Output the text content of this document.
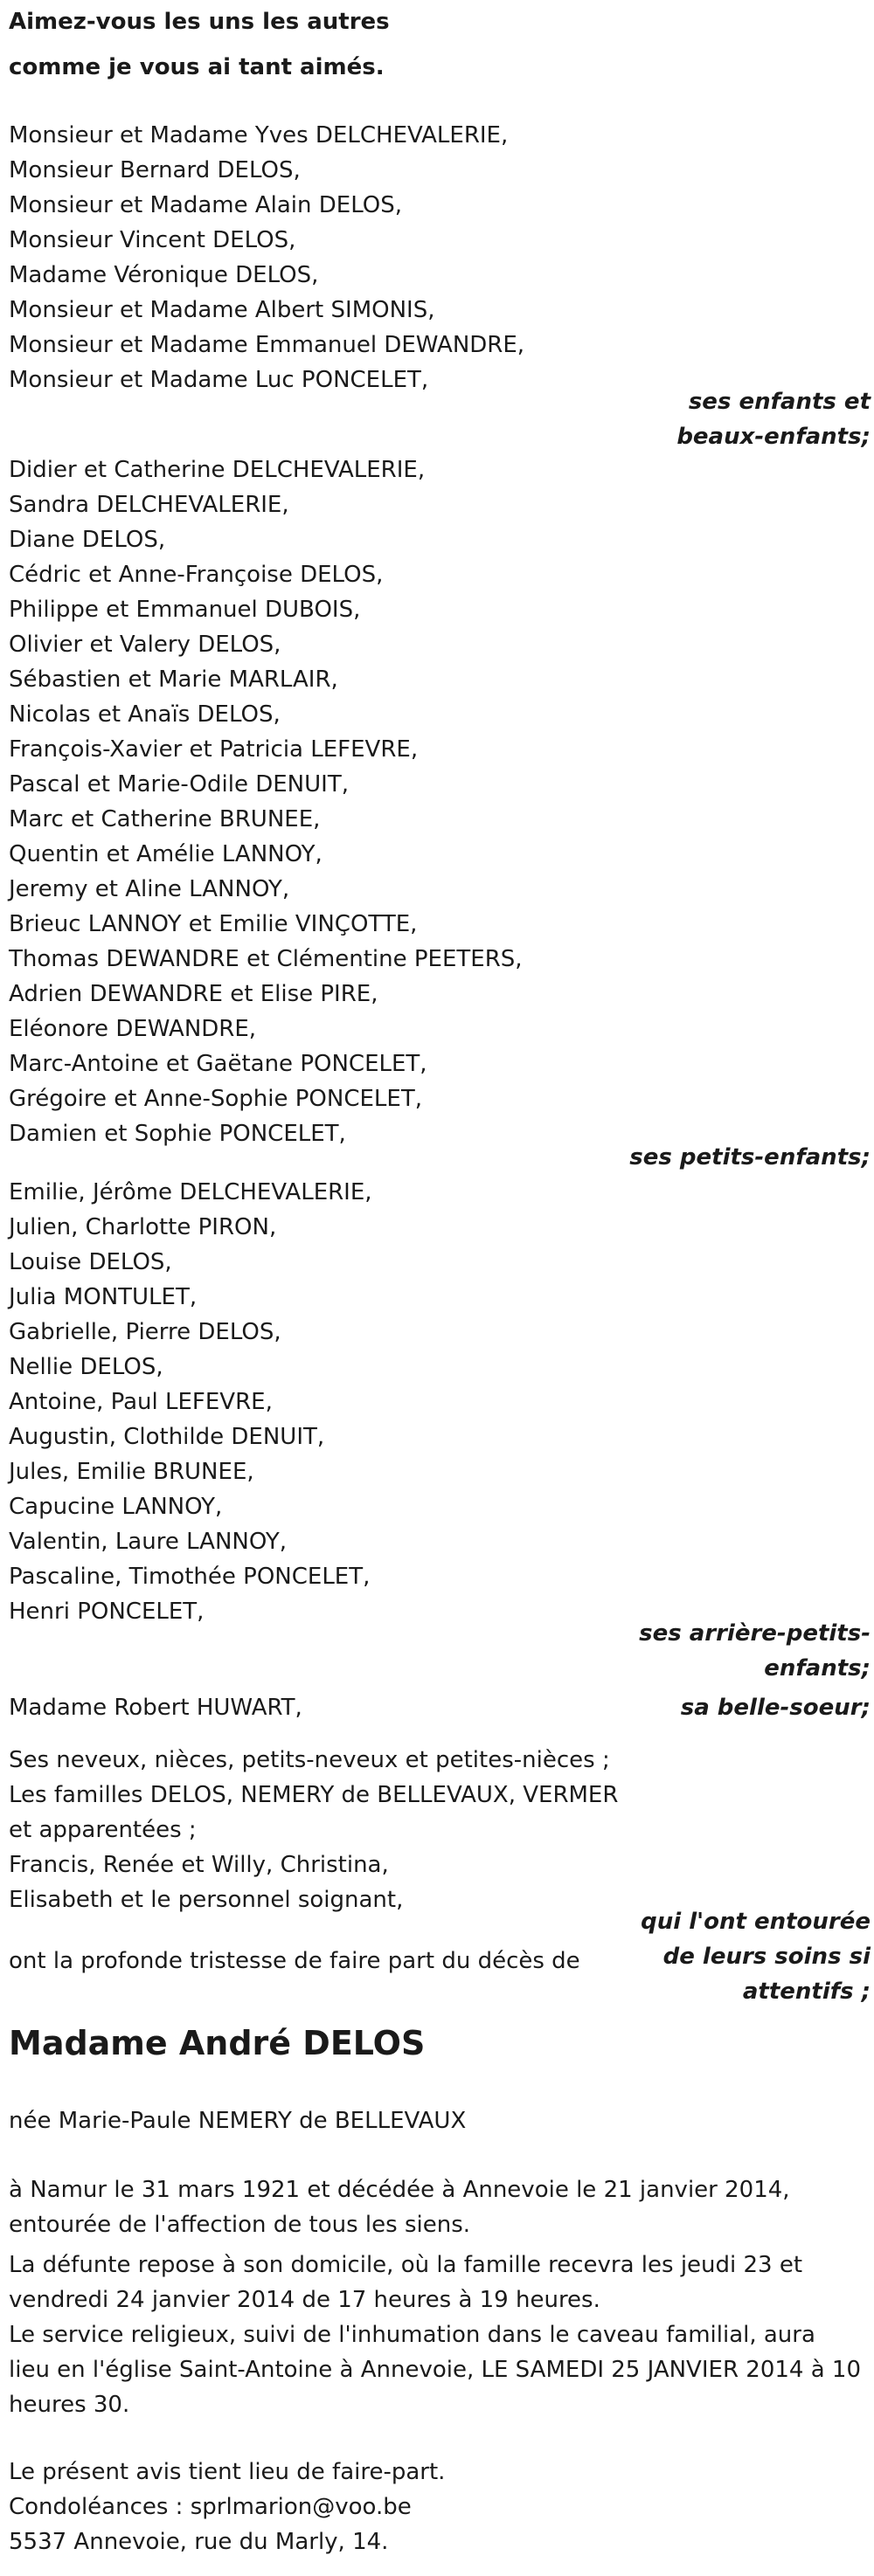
Aimez-vous les uns les autres
comme je vous ai tant aimés.
Monsieur et Madame Yves DELCHEVALERIE,
Monsieur Bernard DELOS,
Monsieur et Madame Alain DELOS,
Monsieur Vincent DELOS,
Madame Véronique DELOS,
Monsieur et Madame Albert SIMONIS,
Monsieur et Madame Emmanuel DEWANDRE,
Monsieur et Madame Luc PONCELET,
ses enfants et
beaux-enfants;
Didier et Catherine DELCHEVALERIE,
Sandra DELCHEVALERIE,
Diane DELOS,
Cédric et Anne-Françoise DELOS,
Philippe et Emmanuel DUBOIS,
Olivier et Valery DELOS,
Sébastien et Marie MARLAIR,
Nicolas et Anaïs DELOS,
François-Xavier et Patricia LEFEVRE,
Pascal et Marie-Odile DENUIT,
Marc et Catherine BRUNEE,
Quentin et Amélie LANNOY,
Jeremy et Aline LANNOY,
Brieuc LANNOY et Emilie VINÇOTTE,
Thomas DEWANDRE et Clémentine PEETERS,
Adrien DEWANDRE et Elise PIRE,
Eléonore DEWANDRE,
Marc-Antoine et Gaëtane PONCELET,
Grégoire et Anne-Sophie PONCELET,
Damien et Sophie PONCELET,
ses petits-enfants;
Emilie, Jérôme DELCHEVALERIE,
Julien, Charlotte PIRON,
Louise DELOS,
Julia MONTULET,
Gabrielle, Pierre DELOS,
Nellie DELOS,
Antoine, Paul LEFEVRE,
Augustin, Clothilde DENUIT,
Jules, Emilie BRUNEE,
Capucine LANNOY,
Valentin, Laure LANNOY,
Pascaline, Timothée PONCELET,
Henri PONCELET,
ses arrière-petits-
enfants;
Madame Robert HUWART,	sa belle-soeur;
Ses neveux, nièces, petits-neveux et petites-nièces ;
Les familles DELOS, NEMERY de BELLEVAUX, VERMER
et apparentées ;
Francis, Renée et Willy, Christina,
Elisabeth et le personnel soignant,
qui l'ont entourée
de leurs soins si
attentifs ;
ont la profonde tristesse de faire part du décès de
Madame André DELOS
née Marie-Paule NEMERY de BELLEVAUX
à Namur le 31 mars 1921 et décédée à Annevoie le 21 janvier 2014,
entourée de l'affection de tous les siens.
La défunte repose à son domicile, où la famille recevra les jeudi 23 et
vendredi 24 janvier 2014 de 17 heures à 19 heures.
Le service religieux, suivi de l'inhumation dans le caveau familial, aura
lieu en l'église Saint-Antoine à Annevoie, LE SAMEDI 25 JANVIER 2014 à 10
heures 30.
Le présent avis tient lieu de faire-part.
Condoléances : sprlmarion@voo.be
5537 Annevoie, rue du Marly, 14.
